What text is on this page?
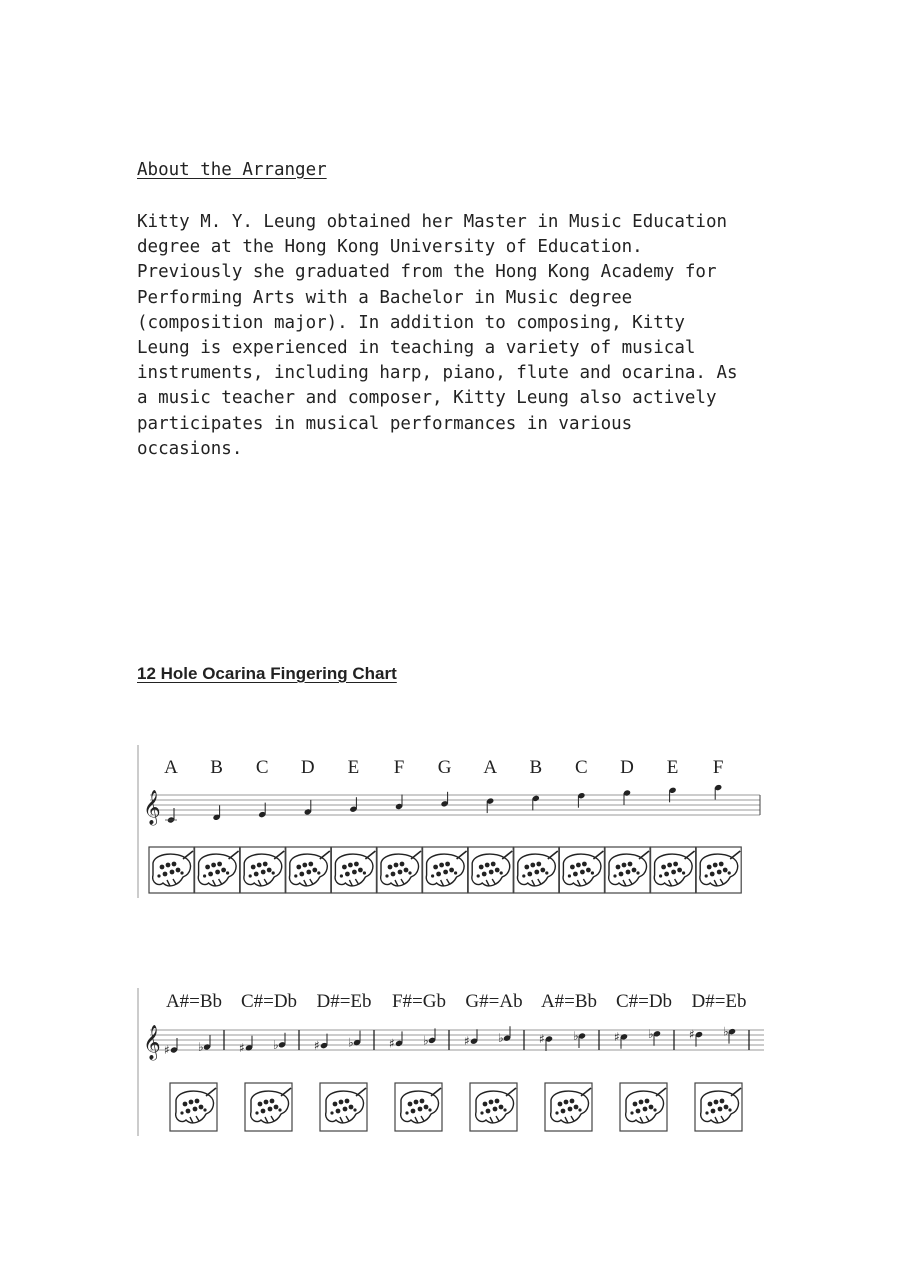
About the Arranger
Kitty M. Y. Leung obtained her Master in Music Education
degree at the Hong Kong University of Education.
Previously she graduated from the Hong Kong Academy for
Performing Arts with a Bachelor in Music degree
(composition major). In addition to composing, Kitty
Leung is experienced in teaching a variety of musical
instruments, including harp, piano, flute and ocarina. As
a music teacher and composer, Kitty Leung also actively
participates in musical performances in various
occasions.
12 Hole Ocarina Fingering Chart
𝄞
A B C D E F G A B C D E F
𝄞
A#=Bb
♯ ♭
C#=Db
♯ ♭
D#=Eb
♯ ♭
F#=Gb
♯ ♭
G#=Ab
♯ ♭
A#=Bb
♯ ♭
C#=Db
♯ ♭
D#=Eb
♯ ♭
